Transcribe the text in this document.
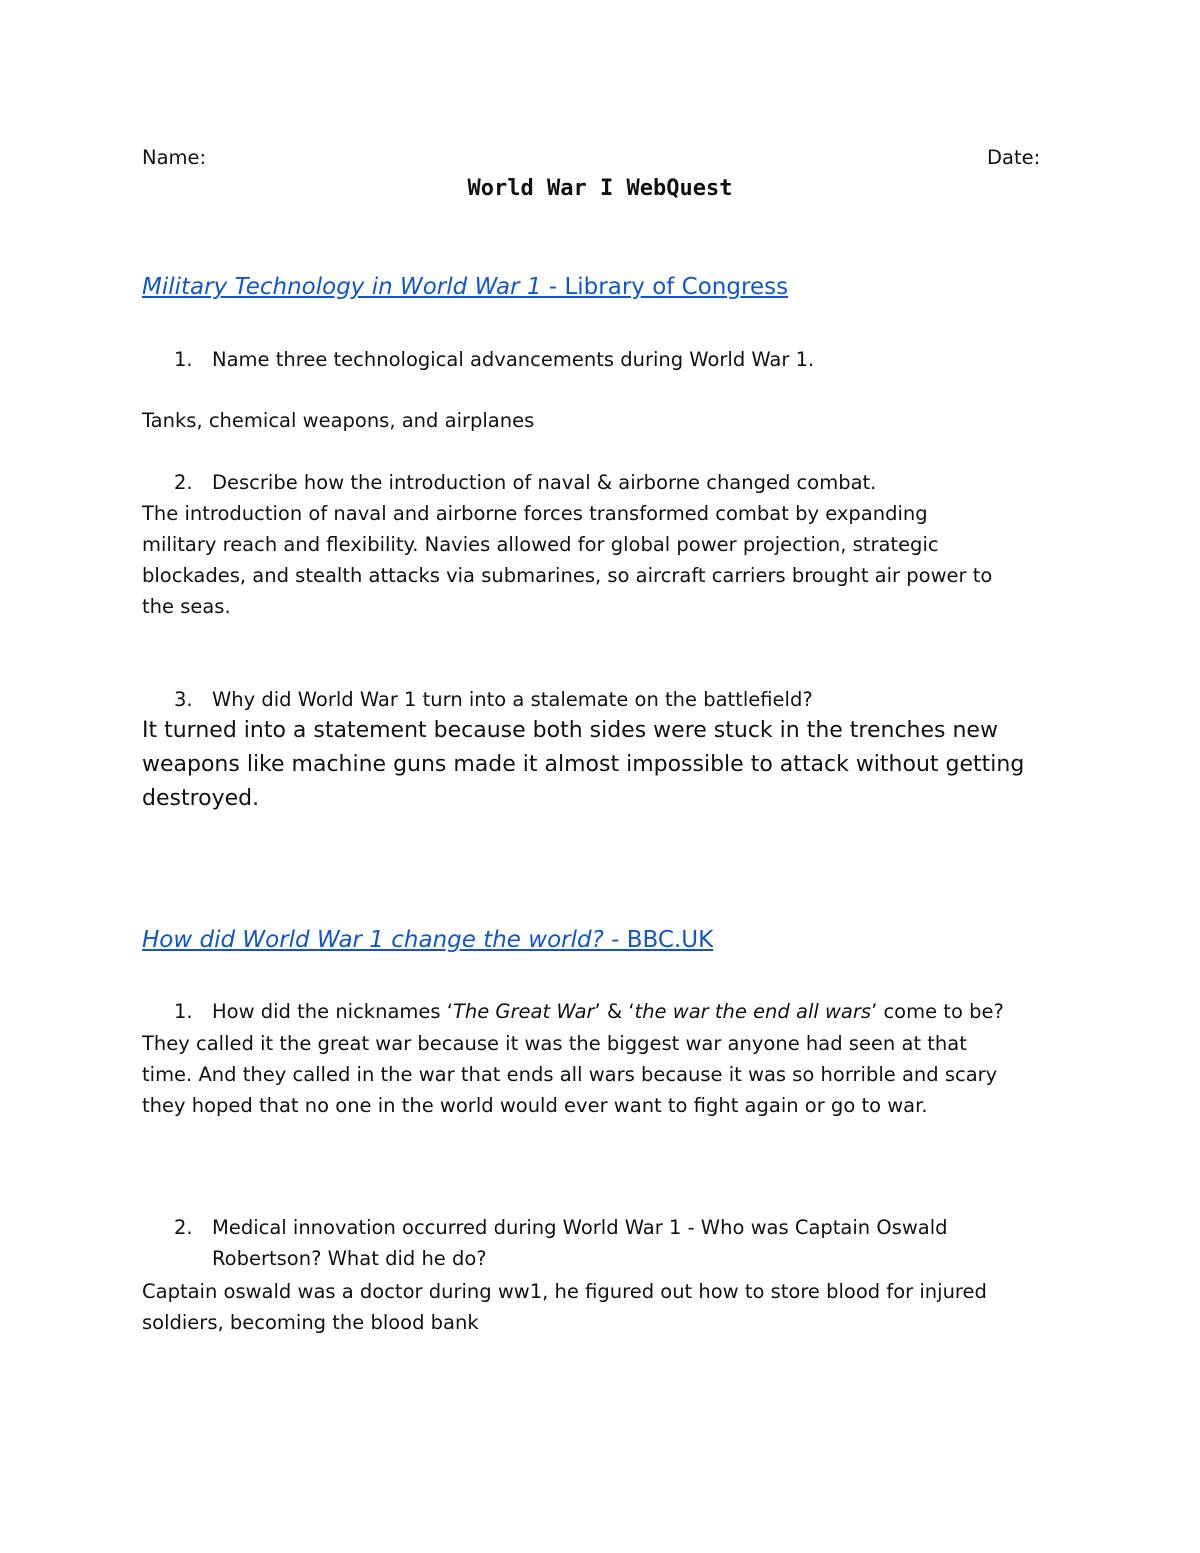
Name:	Date:
World War I WebQuest
Military Technology in World War 1 - Library of Congress
1. Name three technological advancements during World War 1.
Tanks, chemical weapons, and airplanes
2. Describe how the introduction of naval & airborne changed combat.
The introduction of naval and airborne forces transformed combat by expanding
military reach and flexibility. Navies allowed for global power projection, strategic
blockades, and stealth attacks via submarines, so aircraft carriers brought air power to
the seas.
3. Why did World War 1 turn into a stalemate on the battlefield?
It turned into a statement because both sides were stuck in the trenches new
weapons like machine guns made it almost impossible to attack without getting
destroyed.
How did World War 1 change the world? - BBC.UK
1. How did the nicknames ‘The Great War’ & ‘the war the end all wars’ come to be?
They called it the great war because it was the biggest war anyone had seen at that
time. And they called in the war that ends all wars because it was so horrible and scary
they hoped that no one in the world would ever want to fight again or go to war.
2. Medical innovation occurred during World War 1 - Who was Captain Oswald
Robertson? What did he do?
Captain oswald was a doctor during ww1, he figured out how to store blood for injured
soldiers, becoming the blood bank
